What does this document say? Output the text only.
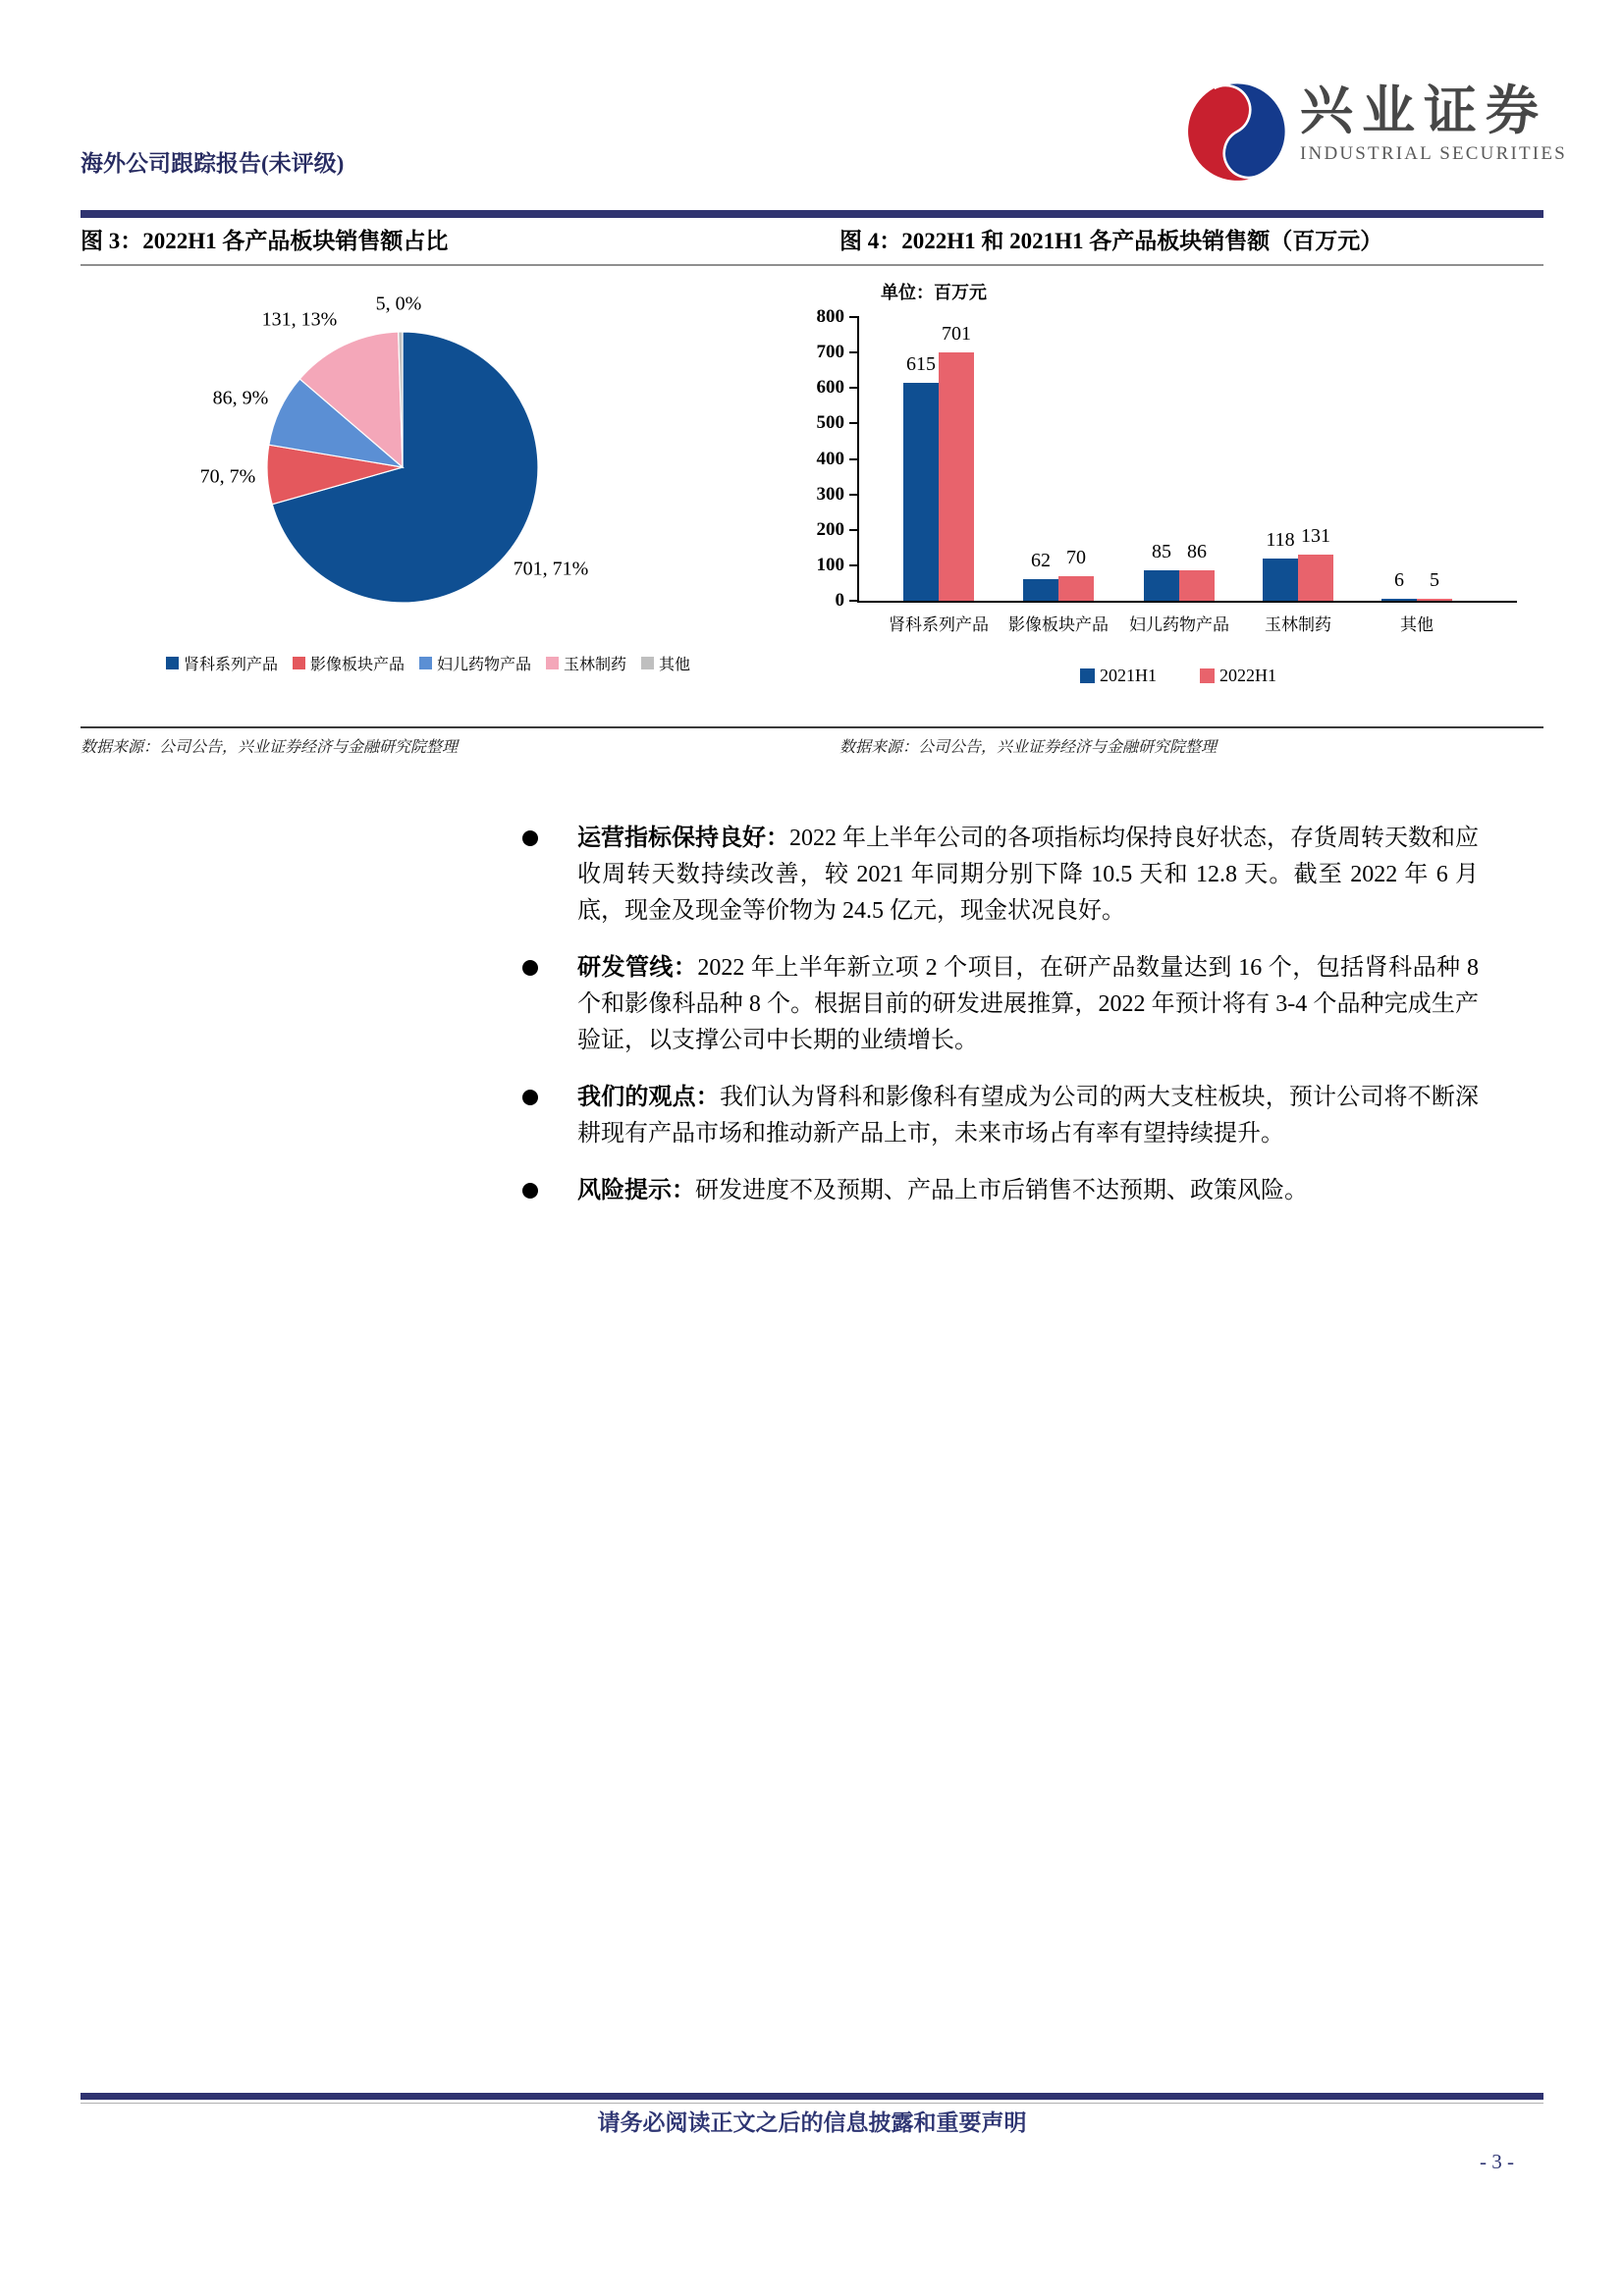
海外公司跟踪报告(未评级)
兴业证券
INDUSTRIAL SECURITIES
图 3：2022H1 各产品板块销售额占比	图 4：2022H1 和 2021H1 各产品板块销售额（百万元）
701, 71%
70, 7%
86, 9%
131, 13%
5, 0%
肾科系列产品 影像板块产品 妇儿药物产品 玉林制药 其他
数据来源：公司公告，兴业证券经济与金融研究院整理	数据来源：公司公告，兴业证券经济与金融研究院整理
单位：百万元
0
100
200
300
400
500
600
700
800
615
62	85
118
6
701
70	86
131
5
肾科系列产品	影像板块产品	妇儿药物产品	玉林制药	其他
2021H1	2022H1
运营指标保持良好：2022 年上半年公司的各项指标均保持良好状态，存货周转天数和应收周转天数持续改善，较 2021 年同期分别下降 10.5 天和 12.8 天。截至 2022 年 6 月底，现金及现金等价物为 24.5 亿元，现金状况良好。
研发管线：2022 年上半年新立项 2 个项目，在研产品数量达到 16 个，包括肾科品种 8 个和影像科品种 8 个。根据目前的研发进展推算，2022 年预计将有 3-4 个品种完成生产验证，以支撑公司中长期的业绩增长。
我们的观点：我们认为肾科和影像科有望成为公司的两大支柱板块，预计公司将不断深耕现有产品市场和推动新产品上市，未来市场占有率有望持续提升。
风险提示：研发进度不及预期、产品上市后销售不达预期、政策风险。
请务必阅读正文之后的信息披露和重要声明
- 3 -
